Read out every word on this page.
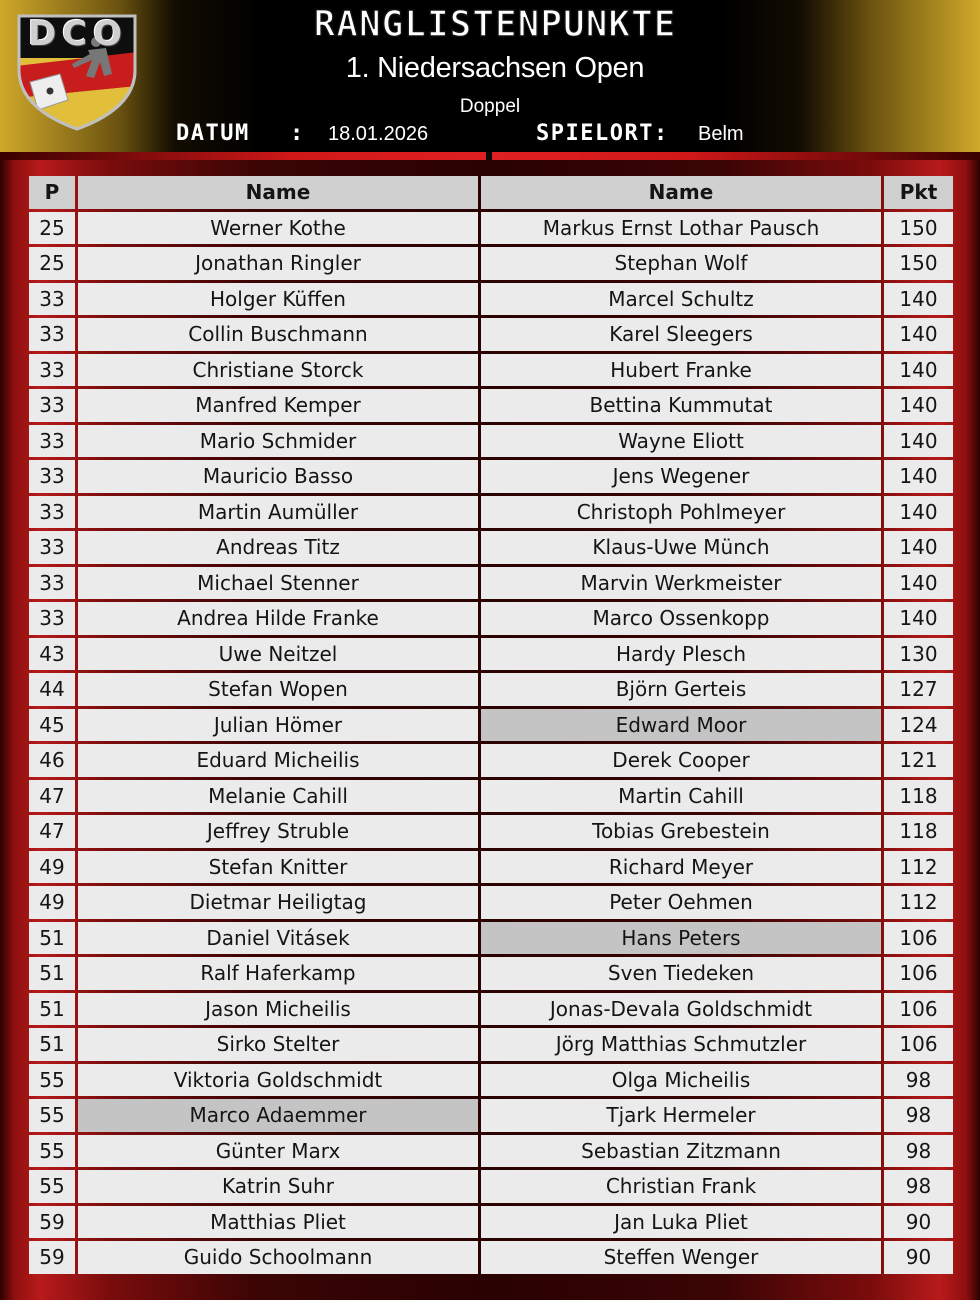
DCO	RANGLISTENPUNKTE
1. Niedersachsen Open
Doppel
DATUM : 18.01.2026	SPIELORT: Belm
P	Name	Name	Pkt
25	Werner Kothe	Markus Ernst Lothar Pausch	150
25	Jonathan Ringler	Stephan Wolf	150
33	Holger Küffen	Marcel Schultz	140
33	Collin Buschmann	Karel Sleegers	140
33	Christiane Storck	Hubert Franke	140
33	Manfred Kemper	Bettina Kummutat	140
33	Mario Schmider	Wayne Eliott	140
33	Mauricio Basso	Jens Wegener	140
33	Martin Aumüller	Christoph Pohlmeyer	140
33	Andreas Titz	Klaus-Uwe Münch	140
33	Michael Stenner	Marvin Werkmeister	140
33	Andrea Hilde Franke	Marco Ossenkopp	140
43	Uwe Neitzel	Hardy Plesch	130
44	Stefan Wopen	Björn Gerteis	127
45	Julian Hömer	Edward Moor	124
46	Eduard Micheilis	Derek Cooper	121
47	Melanie Cahill	Martin Cahill	118
47	Jeffrey Struble	Tobias Grebestein	118
49	Stefan Knitter	Richard Meyer	112
49	Dietmar Heiligtag	Peter Oehmen	112
51	Daniel Vitásek	Hans Peters	106
51	Ralf Haferkamp	Sven Tiedeken	106
51	Jason Micheilis	Jonas-Devala Goldschmidt	106
51	Sirko Stelter	Jörg Matthias Schmutzler	106
55	Viktoria Goldschmidt	Olga Micheilis	98
55	Marco Adaemmer	Tjark Hermeler	98
55	Günter Marx	Sebastian Zitzmann	98
55	Katrin Suhr	Christian Frank	98
59	Matthias Pliet	Jan Luka Pliet	90
59	Guido Schoolmann	Steffen Wenger	90
